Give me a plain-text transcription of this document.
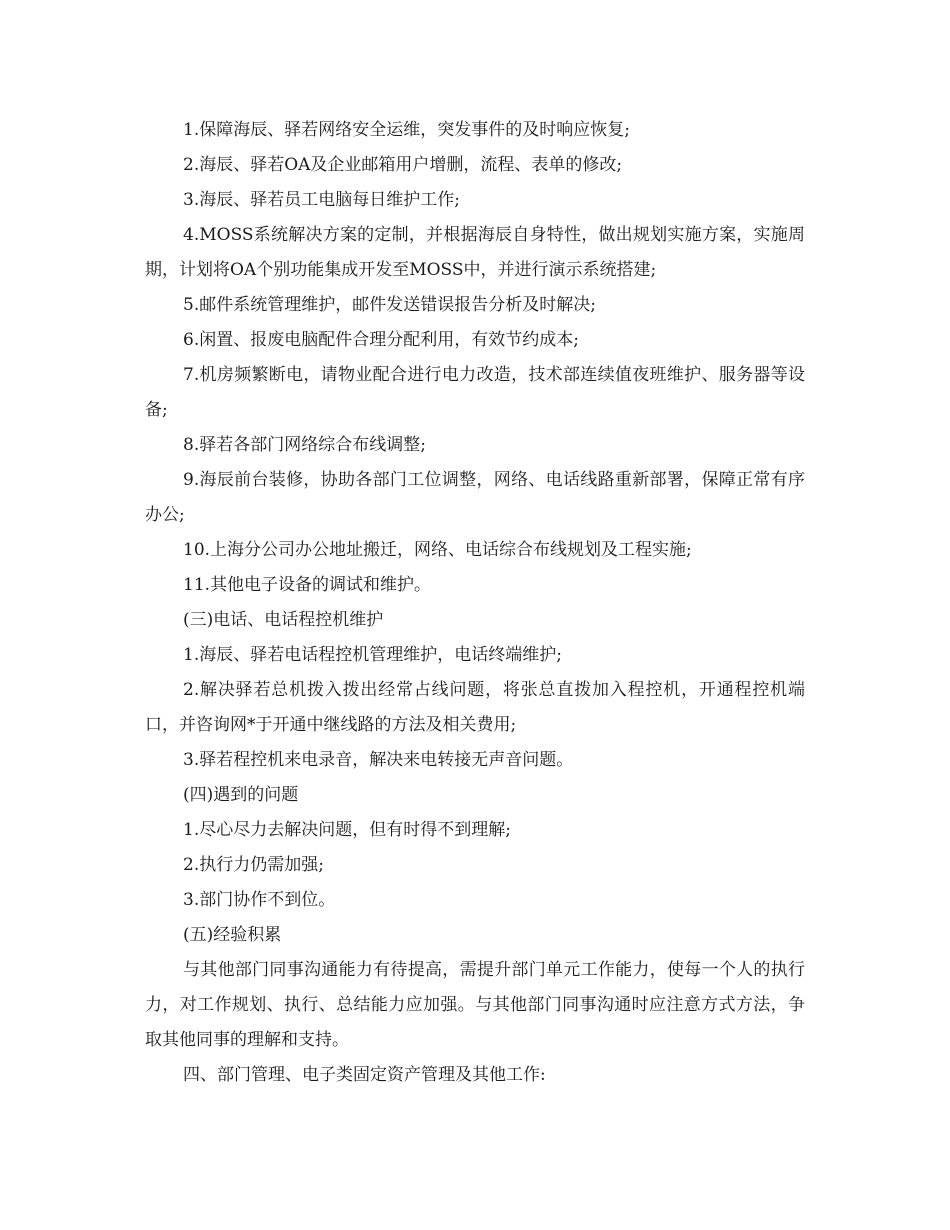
1.保障海辰、驿若网络安全运维，突发事件的及时响应恢复;

2.海辰、驿若OA及企业邮箱用户增删，流程、表单的修改;

3.海辰、驿若员工电脑每日维护工作;

4.MOSS系统解决方案的定制，并根据海辰自身特性，做出规划实施方案，实施周期，计划将OA个别功能集成开发至MOSS中，并进行演示系统搭建;

5.邮件系统管理维护，邮件发送错误报告分析及时解决;

6.闲置、报废电脑配件合理分配利用，有效节约成本;

7.机房频繁断电，请物业配合进行电力改造，技术部连续值夜班维护、服务器等设备;

8.驿若各部门网络综合布线调整;

9.海辰前台装修，协助各部门工位调整，网络、电话线路重新部署，保障正常有序办公;

10.上海分公司办公地址搬迁，网络、电话综合布线规划及工程实施;

11.其他电子设备的调试和维护。

(三)电话、电话程控机维护

1.海辰、驿若电话程控机管理维护，电话终端维护;

2.解决驿若总机拨入拨出经常占线问题，将张总直拨加入程控机，开通程控机端口，并咨询网*于开通中继线路的方法及相关费用;

3.驿若程控机来电录音，解决来电转接无声音问题。

(四)遇到的问题

1.尽心尽力去解决问题，但有时得不到理解;

2.执行力仍需加强;

3.部门协作不到位。

(五)经验积累

与其他部门同事沟通能力有待提高，需提升部门单元工作能力，使每一个人的执行力，对工作规划、执行、总结能力应加强。与其他部门同事沟通时应注意方式方法，争取其他同事的理解和支持。

四、部门管理、电子类固定资产管理及其他工作:
